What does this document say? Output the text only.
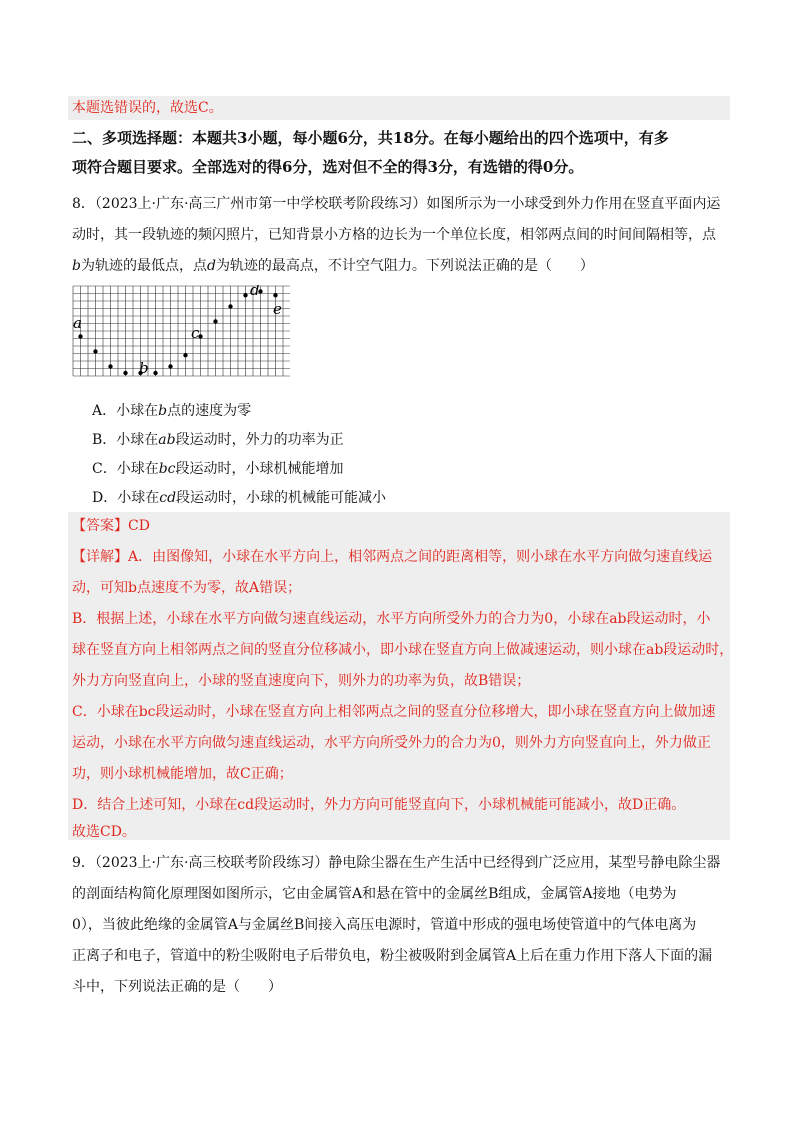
本题选错误的，故选C。
二、多项选择题：本题共3小题，每小题6分，共18分。在每小题给出的四个选项中，有多
项符合题目要求。全部选对的得6分，选对但不全的得3分，有选错的得0分。
8．（2023上·广东·高三广州市第一中学校联考阶段练习）如图所示为一小球受到外力作用在竖直平面内运
动时，其一段轨迹的频闪照片，已知背景小方格的边长为一个单位长度，相邻两点间的时间间隔相等，点
b为轨迹的最低点，点d为轨迹的最高点，不计空气阻力。下列说法正确的是（　　）
a
b
c
d
e
A．小球在b点的速度为零
B．小球在ab段运动时，外力的功率为正
C．小球在bc段运动时，小球机械能增加
D．小球在cd段运动时，小球的机械能可能减小
【答案】CD
【详解】A．由图像知，小球在水平方向上，相邻两点之间的距离相等，则小球在水平方向做匀速直线运
动，可知b点速度不为零，故A错误；
B．根据上述，小球在水平方向做匀速直线运动，水平方向所受外力的合力为0，小球在ab段运动时，小
球在竖直方向上相邻两点之间的竖直分位移减小，即小球在竖直方向上做减速运动，则小球在ab段运动时，
外力方向竖直向上，小球的竖直速度向下，则外力的功率为负，故B错误；
C．小球在bc段运动时，小球在竖直方向上相邻两点之间的竖直分位移增大，即小球在竖直方向上做加速
运动，小球在水平方向做匀速直线运动，水平方向所受外力的合力为0，则外力方向竖直向上，外力做正
功，则小球机械能增加，故C正确；
D．结合上述可知，小球在cd段运动时，外力方向可能竖直向下，小球机械能可能减小，故D正确。
故选CD。
9．（2023上·广东·高三校联考阶段练习）静电除尘器在生产生活中已经得到广泛应用，某型号静电除尘器
的剖面结构简化原理图如图所示，它由金属管A和悬在管中的金属丝B组成，金属管A接地（电势为
0），当彼此绝缘的金属管A与金属丝B间接入高压电源时，管道中形成的强电场使管道中的气体电离为
正离子和电子，管道中的粉尘吸附电子后带负电，粉尘被吸附到金属管A上后在重力作用下落人下面的漏
斗中，下列说法正确的是（　　）
